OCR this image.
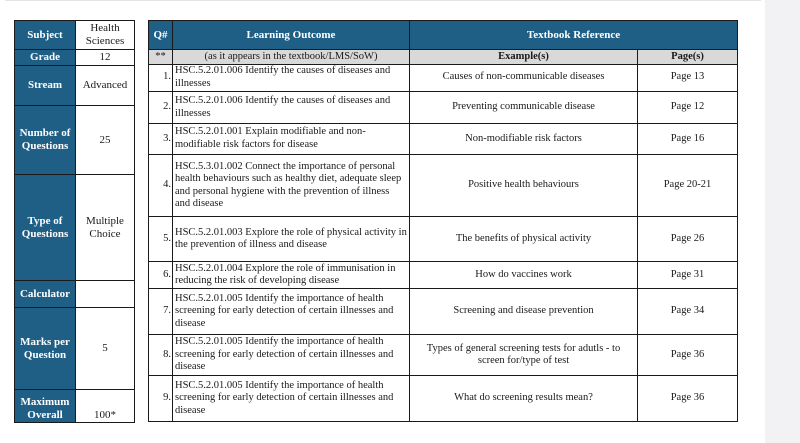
Subject	Health Sciences
Grade	12
Stream	Advanced
Number of Questions	25
Type of Questions	Multiple Choice
Calculator	
Marks per Question	5
Maximum Overall	100*
Q#	Learning Outcome	Textbook Reference	
**	(as it appears in the textbook/LMS/SoW)	Example(s)	Page(s)
1.	HSC.5.2.01.006 Identify the causes of diseases and illnesses	Causes of non-communicable diseases	Page 13
2.	HSC.5.2.01.006 Identify the causes of diseases and illnesses	Preventing communicable disease	Page 12
3.	HSC.5.2.01.001 Explain modifiable and non-modifiable risk factors for disease	Non-modifiable risk factors	Page 16
4.	HSC.5.3.01.002 Connect the importance of personal health behaviours such as healthy diet, adequate sleep and personal hygiene with the prevention of illness and disease	Positive health behaviours	Page 20-21
5.	HSC.5.2.01.003 Explore the role of physical activity in the prevention of illness and disease	The benefits of physical activity	Page 26
6.	HSC.5.2.01.004 Explore the role of immunisation in reducing the risk of developing disease	How do vaccines work	Page 31
7.	HSC.5.2.01.005 Identify the importance of health screening for early detection of certain illnesses and disease	Screening and disease prevention	Page 34
8.	HSC.5.2.01.005 Identify the importance of health screening for early detection of certain illnesses and disease	Types of general screening tests for adutls - to screen for/type of test	Page 36
9.	HSC.5.2.01.005 Identify the importance of health screening for early detection of certain illnesses and disease	What do screening results mean?	Page 36
